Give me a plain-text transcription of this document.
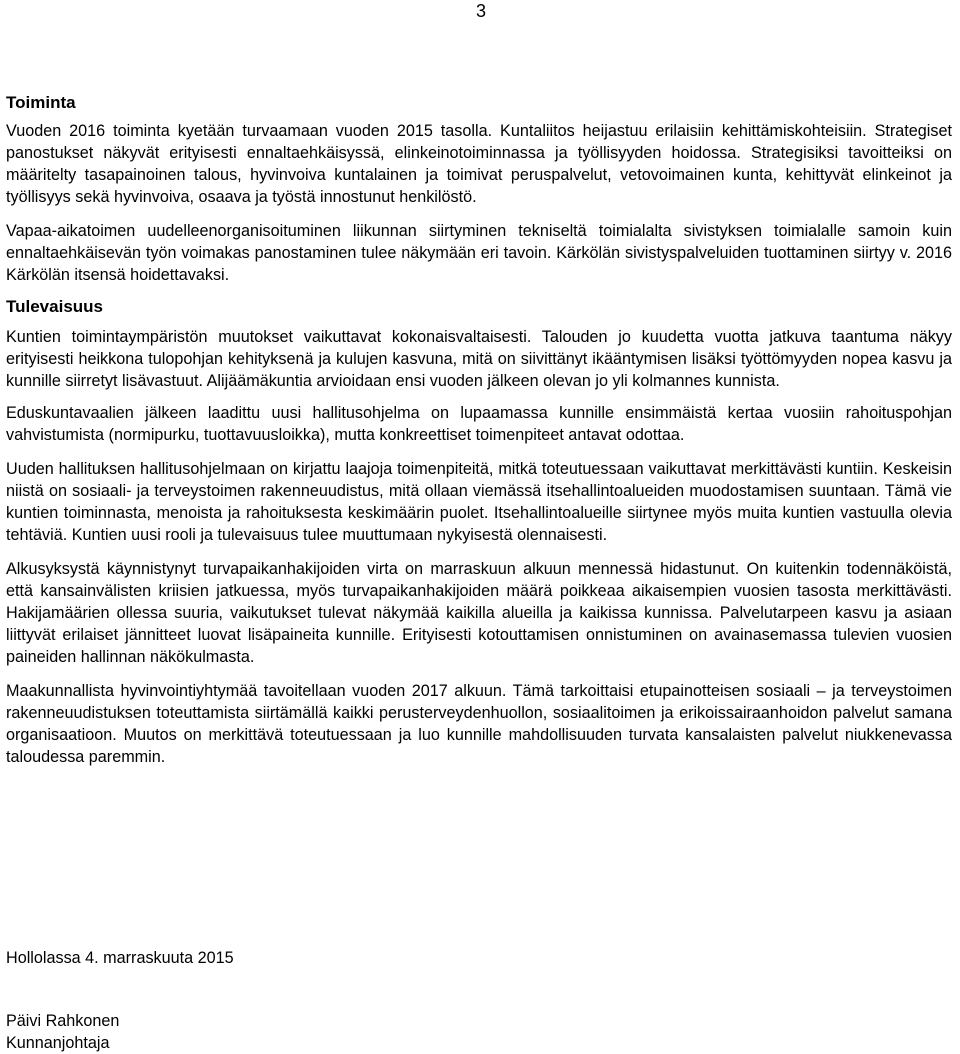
3
Toiminta

Vuoden 2016 toiminta kyetään turvaamaan vuoden 2015 tasolla. Kuntaliitos heijastuu erilaisiin kehittämiskohteisiin. Strategiset panostukset näkyvät erityisesti ennaltaehkäisyssä, elinkeinotoiminnassa ja työllisyyden hoidossa. Strategisiksi tavoitteiksi on määritelty tasapainoinen talous, hyvinvoiva kuntalainen ja toimivat peruspalvelut, vetovoimainen kunta, kehittyvät elinkeinot ja työllisyys sekä hyvinvoiva, osaava ja työstä innostunut henkilöstö.

Vapaa-aikatoimen uudelleenorganisoituminen liikunnan siirtyminen tekniseltä toimialalta sivistyksen toimialalle samoin kuin ennaltaehkäisevän työn voimakas panostaminen tulee näkymään eri tavoin. Kärkölän sivistyspalveluiden tuottaminen siirtyy v. 2016 Kärkölän itsensä hoidettavaksi.

Tulevaisuus

Kuntien toimintaympäristön muutokset vaikuttavat kokonaisvaltaisesti. Talouden jo kuudetta vuotta jatkuva taantuma näkyy erityisesti heikkona tulopohjan kehityksenä ja kulujen kasvuna, mitä on siivittänyt ikääntymisen lisäksi työttömyyden nopea kasvu ja kunnille siirretyt lisävastuut. Alijäämäkuntia arvioidaan ensi vuoden jälkeen olevan jo yli kolmannes kunnista.

Eduskuntavaalien jälkeen laadittu uusi hallitusohjelma on lupaamassa kunnille ensimmäistä kertaa vuosiin rahoituspohjan vahvistumista (normipurku, tuottavuusloikka), mutta konkreettiset toimenpiteet antavat odottaa.

Uuden hallituksen hallitusohjelmaan on kirjattu laajoja toimenpiteitä, mitkä toteutuessaan vaikuttavat merkittävästi kuntiin. Keskeisin niistä on sosiaali- ja terveystoimen rakenneuudistus, mitä ollaan viemässä itsehallintoalueiden muodostamisen suuntaan. Tämä vie kuntien toiminnasta, menoista ja rahoituksesta keskimäärin puolet. Itsehallintoalueille siirtynee myös muita kuntien vastuulla olevia tehtäviä. Kuntien uusi rooli ja tulevaisuus tulee muuttumaan nykyisestä olennaisesti.

Alkusyksystä käynnistynyt turvapaikanhakijoiden virta on marraskuun alkuun mennessä hidastunut. On kuitenkin todennäköistä, että kansainvälisten kriisien jatkuessa, myös turvapaikanhakijoiden määrä poikkeaa aikaisempien vuosien tasosta merkittävästi. Hakijamäärien ollessa suuria, vaikutukset tulevat näkymää kaikilla alueilla ja kaikissa kunnissa. Palvelutarpeen kasvu ja asiaan liittyvät erilaiset jännitteet luovat lisäpaineita kunnille. Erityisesti kotouttamisen onnistuminen on avainasemassa tulevien vuosien paineiden hallinnan näkökulmasta.

Maakunnallista hyvinvointiyhtymää tavoitellaan vuoden 2017 alkuun. Tämä tarkoittaisi etupainotteisen sosiaali – ja terveystoimen rakenneuudistuksen toteuttamista siirtämällä kaikki perusterveydenhuollon, sosiaalitoimen ja erikoissairaanhoidon palvelut samana organisaatioon. Muutos on merkittävä toteutuessaan ja luo kunnille mahdollisuuden turvata kansalaisten palvelut niukkenevassa taloudessa paremmin.

Hollolassa 4. marraskuuta 2015
Päivi Rahkonen
Kunnanjohtaja
